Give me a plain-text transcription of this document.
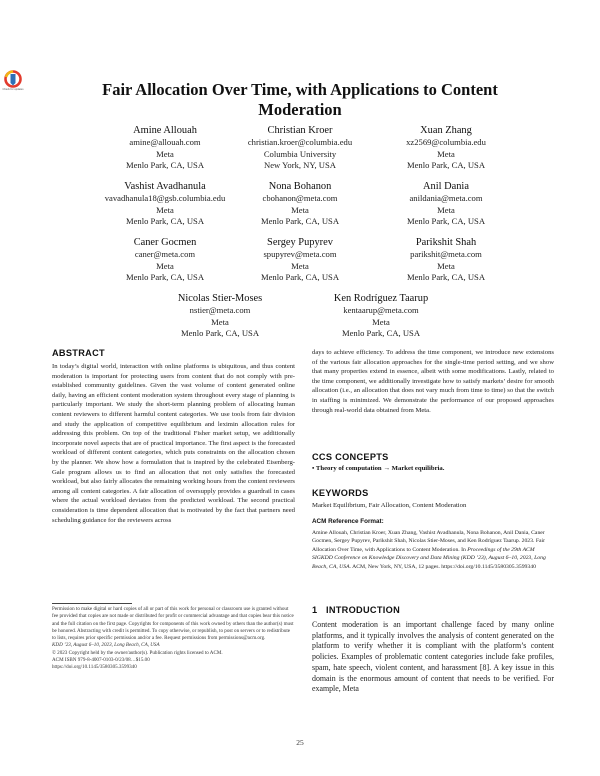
Check for updates	Fair Allocation Over Time, with Applications to Content Moderation
Amine Allouah
amine@allouah.com
Meta
Menlo Park, CA, USA
Christian Kroer
christian.kroer@columbia.edu
Columbia University
New York, NY, USA
Xuan Zhang
xz2569@columbia.edu
Meta
Menlo Park, CA, USA
Vashist Avadhanula
vavadhanula18@gsb.columbia.edu
Meta
Menlo Park, CA, USA
Nona Bohanon
cbohanon@meta.com
Meta
Menlo Park, CA, USA
Anil Dania
anildania@meta.com
Meta
Menlo Park, CA, USA
Caner Gocmen
caner@meta.com
Meta
Menlo Park, CA, USA
Sergey Pupyrev
spupyrev@meta.com
Meta
Menlo Park, CA, USA
Parikshit Shah
parikshit@meta.com
Meta
Menlo Park, CA, USA
Nicolas Stier-Moses
nstier@meta.com
Meta
Menlo Park, CA, USA
Ken Rodríguez Taarup
kentaarup@meta.com
Meta
Menlo Park, CA, USA
ABSTRACT

In today’s digital world, interaction with online platforms is ubiquitous, and thus content moderation is important for protecting users from content that do not comply with pre-established community guidelines. Given the vast volume of content generated online daily, having an efficient content moderation system throughout every stage of planning is particularly important. We study the short-term planning problem of allocating human content reviewers to different harmful content categories. We use tools from fair division and study the application of competitive equilibrium and leximin allocation rules for addressing this problem. On top of the traditional Fisher market setup, we additionally incorporate novel aspects that are of practical importance. The first aspect is the forecasted workload of different content categories, which puts constraints on the allocation chosen by the planner. We show how a formulation that is inspired by the celebrated Eisenberg-Gale program allows us to find an allocation that not only satisfies the forecasted workload, but also fairly allocates the remaining working hours from the content reviewers among all content categories. A fair allocation of oversupply provides a guardrail in cases where the actual workload deviates from the predicted workload. The second practical consideration is time dependent allocation that is motivated by the fact that partners need scheduling guidance for the reviewers across

Permission to make digital or hard copies of all or part of this work for personal or classroom use is granted without fee provided that copies are not made or distributed for profit or commercial advantage and that copies bear this notice and the full citation on the first page. Copyrights for components of this work owned by others than the author(s) must be honored. Abstracting with credit is permitted. To copy otherwise, or republish, to post on servers or to redistribute to lists, requires prior specific permission and/or a fee. Request permissions from permissions@acm.org.

KDD ’23, August 6–10, 2023, Long Beach, CA, USA

© 2023 Copyright held by the owner/author(s). Publication rights licensed to ACM.

ACM ISBN 979-8-4007-0103-0/23/08…$15.00

https://doi.org/10.1145/3580305.3599340

days to achieve efficiency. To address the time component, we introduce new extensions of the various fair allocation approaches for the single-time period setting, and we show that many properties extend in essence, albeit with some modifications. Lastly, related to the time component, we additionally investigate how to satisfy markets’ desire for smooth allocation (i.e., an allocation that does not vary much from time to time) so that the switch in staffing is minimized. We demonstrate the performance of our proposed approaches through real-world data obtained from Meta.

CCS CONCEPTS
• Theory of computation → Market equilibria.
KEYWORDS
Market Equilibrium, Fair Allocation, Content Moderation
ACM Reference Format:
Amine Allouah, Christian Kroer, Xuan Zhang, Vashist Avadhanula, Nona Bohanon, Anil Dania, Caner Gocmen, Sergey Pupyrev, Parikshit Shah, Nicolas Stier-Moses, and Ken Rodríguez Taarup. 2023. Fair Allocation Over Time, with Applications to Content Moderation. In Proceedings of the 29th ACM SIGKDD Conference on Knowledge Discovery and Data Mining (KDD ’23), August 6–10, 2023, Long Beach, CA, USA. ACM, New York, NY, USA, 12 pages. https://doi.org/10.1145/3580305.3599340
1   INTRODUCTION

Content moderation is an important challenge faced by many online platforms, and it typically involves the analysis of content generated on the platform to verify whether it is compliant with the platform’s content policies. Examples of problematic content categories include fake profiles, spam, hate speech, violent content, and harassment [8]. A key issue in this domain is the enormous amount of content that needs to be verified. For example, Meta

25
